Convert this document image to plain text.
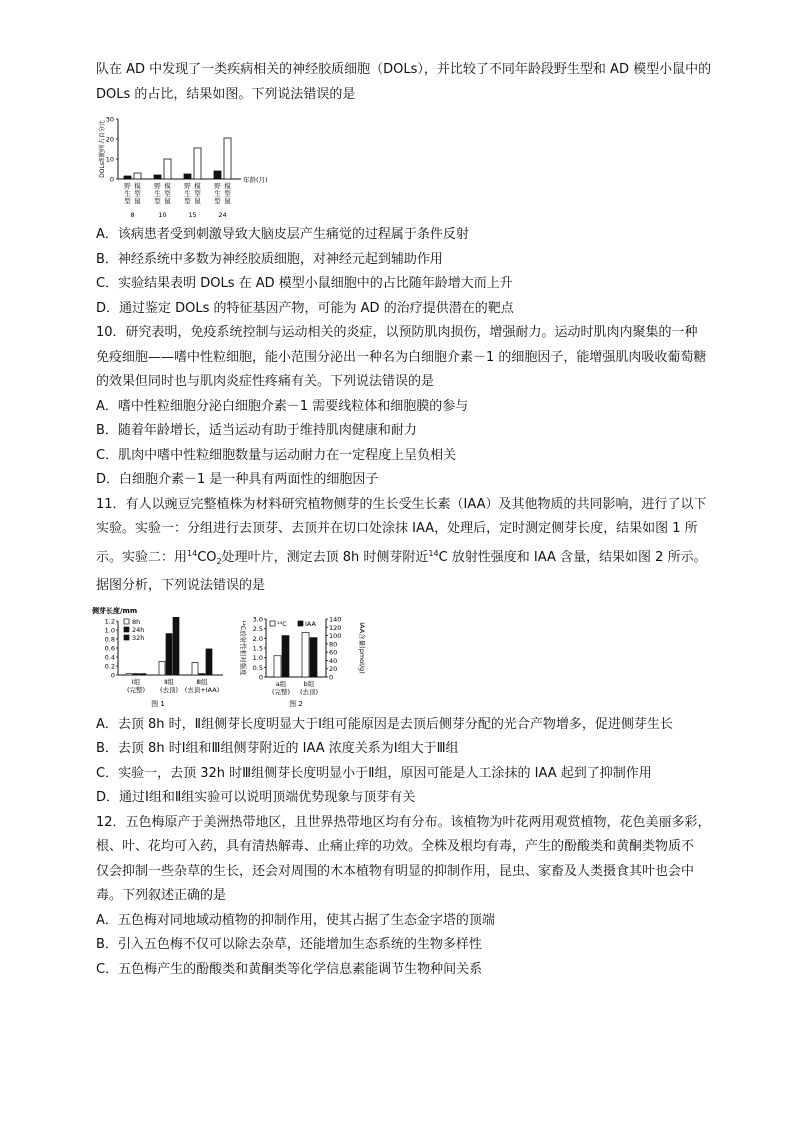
队在 AD 中发现了一类疾病相关的神经胶质细胞（DOLs），并比较了不同年龄段野生型和 AD 模型小鼠中的

DOLs 的占比，结果如图。下列说法错误的是

0
10
20
30
DOLs细胞所占百分比
年龄(月)
野
生
型
模
型
鼠
8
野
生
型
模
型
鼠
10
野
生
型
模
型
鼠
15
野
生
型
模
型
鼠
24

A．该病患者受到刺激导致大脑皮层产生痛觉的过程属于条件反射

B．神经系统中多数为神经胶质细胞，对神经元起到辅助作用

C．实验结果表明 DOLs 在 AD 模型小鼠细胞中的占比随年龄增大而上升

D．通过鉴定 DOLs 的特征基因产物，可能为 AD 的治疗提供潜在的靶点

10．研究表明，免疫系统控制与运动相关的炎症，以预防肌肉损伤，增强耐力。运动时肌肉内聚集的一种

免疫细胞——嗜中性粒细胞，能小范围分泌出一种名为白细胞介素－1 的细胞因子，能增强肌肉吸收葡萄糖

的效果但同时也与肌肉炎症性疼痛有关。下列说法错误的是

A．嗜中性粒细胞分泌白细胞介素－1 需要线粒体和细胞膜的参与

B．随着年龄增长，适当运动有助于维持肌肉健康和耐力

C．肌肉中嗜中性粒细胞数量与运动耐力在一定程度上呈负相关

D．白细胞介素－1 是一种具有两面性的细胞因子

11．有人以豌豆完整植株为材料研究植物侧芽的生长受生长素（IAA）及其他物质的共同影响，进行了以下

实验。实验一：分组进行去顶芽、去顶并在切口处涂抹 IAA，处理后，定时测定侧芽长度，结果如图 1 所

示。实验二：用$^{14}CO_2$处理叶片，测定去顶 8h 时侧芽附近$^{14}$C 放射性强度和 IAA 含量，结果如图 2 所示。

据图分析，下列说法错误的是

侧芽长度/mm
0
0.2
0.4
0.6
0.8
1.0
1.2	8h
24h
32h
Ⅰ组
(完整)
Ⅱ组
(去顶)
Ⅲ组
(去顶+IAA)
图 1
0
0.5
1.0
1.5
2.0
2.5
3.0
0
20
40
60
80
100
120
140
¹⁴C放射性相对强度	IAA含量(pmol/g)
¹⁴C	IAA
a组
(完整)
b组
(去顶)
图 2

A．去顶 8h 时，Ⅱ组侧芽长度明显大于Ⅰ组可能原因是去顶后侧芽分配的光合产物增多，促进侧芽生长

B．去顶 8h 时Ⅰ组和Ⅲ组侧芽附近的 IAA 浓度关系为Ⅰ组大于Ⅲ组

C．实验一，去顶 32h 时Ⅲ组侧芽长度明显小于Ⅱ组，原因可能是人工涂抹的 IAA 起到了抑制作用

D．通过Ⅰ组和Ⅱ组实验可以说明顶端优势现象与顶芽有关

12．五色梅原产于美洲热带地区，且世界热带地区均有分布。该植物为叶花两用观赏植物，花色美丽多彩，

根、叶、花均可入药，具有清热解毒、止痛止痒的功效。全株及根均有毒，产生的酚酸类和黄酮类物质不

仅会抑制一些杂草的生长，还会对周围的木本植物有明显的抑制作用，昆虫、家畜及人类摄食其叶也会中

毒。下列叙述正确的是

A．五色梅对同地域动植物的抑制作用，使其占据了生态金字塔的顶端

B．引入五色梅不仅可以除去杂草，还能增加生态系统的生物多样性

C．五色梅产生的酚酸类和黄酮类等化学信息素能调节生物种间关系
